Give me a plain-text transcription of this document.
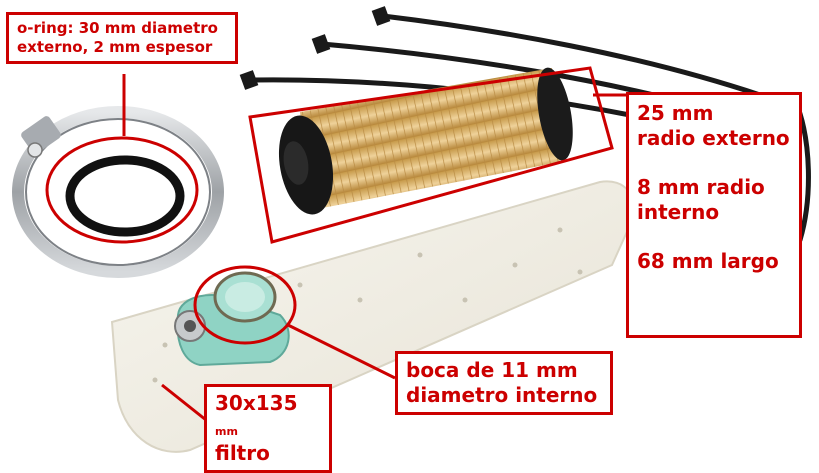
o-ring: 30 mm diametro
externo, 2 mm espesor
25 mm
radio externo
8 mm radio
interno
68 mm largo
boca de 11 mm
diametro interno
30x135 mm
filtro
